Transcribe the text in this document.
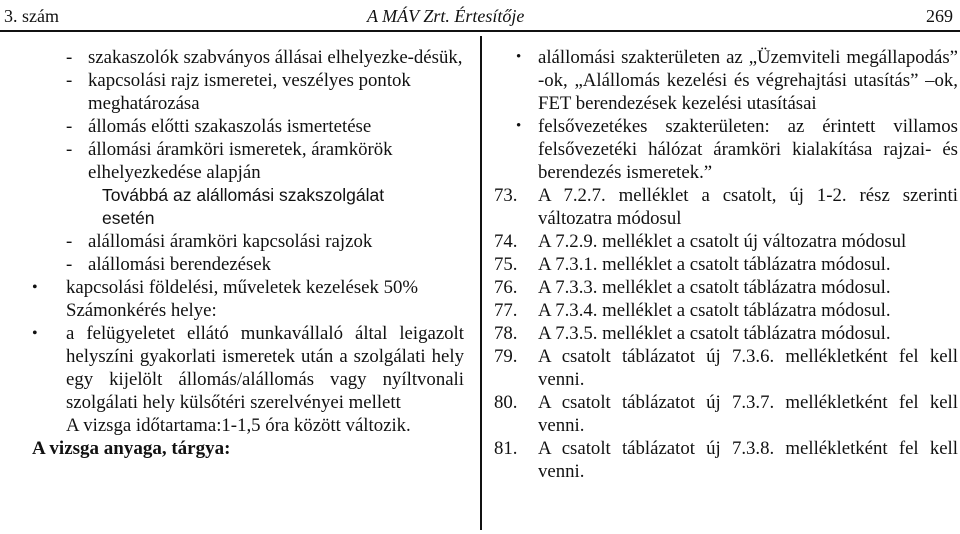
3. szám	A MÁV Zrt. Értesítője	269
- szakaszolók szabványos állásai elhelyezke-désük,
- kapcsolási rajz ismeretei, veszélyes pontok meghatározása
- állomás előtti szakaszolás ismertetése
- állomási áramköri ismeretek, áramkörök elhelyezkedése alapján
Továbbá az alállomási szakszolgálat esetén
- alállomási áramköri kapcsolási rajzok
- alállomási berendezések
• kapcsolási földelési, műveletek kezelések 50%
Számonkérés helye:
• a felügyeletet ellátó munkavállaló által leigazolt helyszíni gyakorlati ismeretek után a szolgálati hely egy kijelölt állomás/alállomás vagy nyíltvonali szolgálati hely külsőtéri szerelvényei mellett
A vizsga időtartama:1-1,5 óra között változik.
A vizsga anyaga, tárgya:
• alállomási szakterületen az „Üzemviteli megállapodás” -ok, „Alállomás kezelési és végrehajtási utasítás” –ok, FET berendezések kezelési utasításai
• felsővezetékes szakterületen: az érintett villamos felsővezetéki hálózat áramköri kialakítása rajzai- és berendezés ismeretek.”
73. A 7.2.7. melléklet a csatolt, új 1-2. rész szerinti változatra módosul
74. A 7.2.9. melléklet a csatolt új változatra módosul
75. A 7.3.1. melléklet a csatolt táblázatra módosul.
76. A 7.3.3. melléklet a csatolt táblázatra módosul.
77. A 7.3.4. melléklet a csatolt táblázatra módosul.
78. A 7.3.5. melléklet a csatolt táblázatra módosul.
79. A csatolt táblázatot új 7.3.6. mellékletként fel kell venni.
80. A csatolt táblázatot új 7.3.7. mellékletként fel kell venni.
81. A csatolt táblázatot új 7.3.8. mellékletként fel kell venni.
